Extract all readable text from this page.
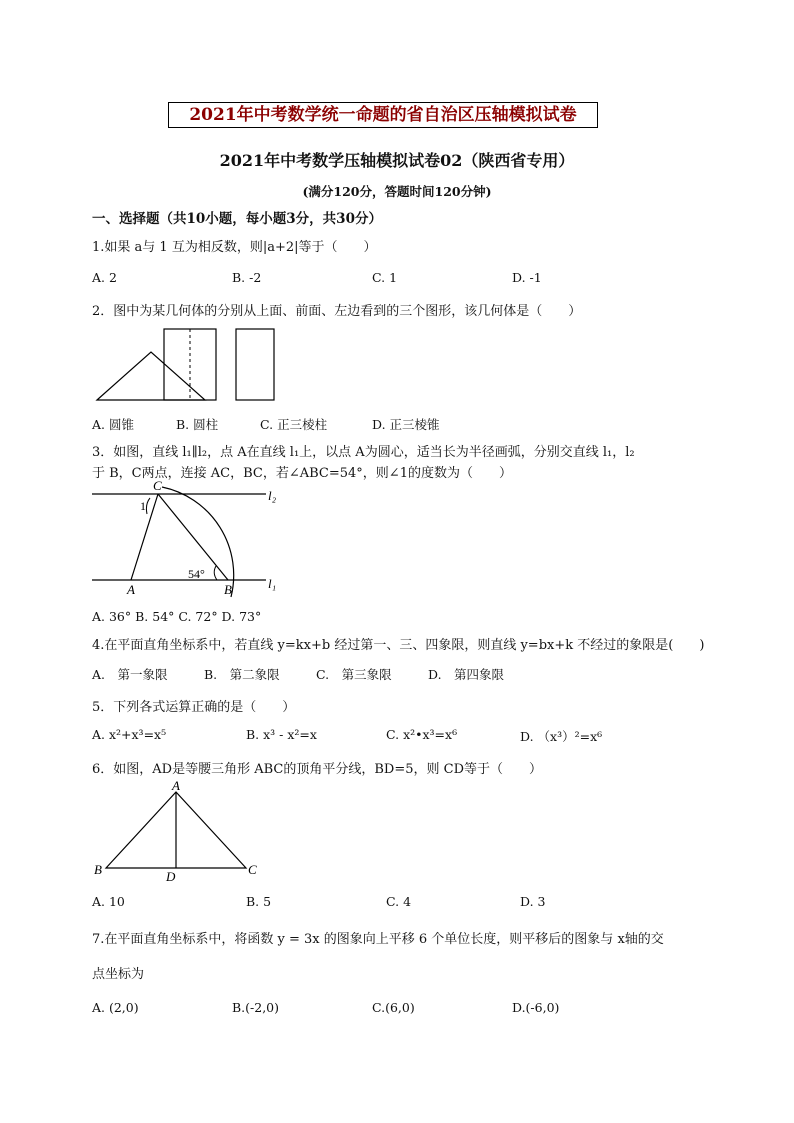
2021年中考数学统一命题的省自治区压轴模拟试卷
2021年中考数学压轴模拟试卷02（陕西省专用）
(满分120分，答题时间120分钟)
一、选择题（共10小题，每小题3分，共30分）
1.如果 a与 1 互为相反数，则|a+2|等于（　　）
A. 2	B. -2	C. 1	D. -1
2．图中为某几何体的分别从上面、前面、左边看到的三个图形，该几何体是（　　）
A. 圆锥	B. 圆柱	C. 正三棱柱	D. 正三棱锥
3．如图，直线 l₁∥l₂，点 A在直线 l₁上，以点 A为圆心，适当长为半径画弧，分别交直线 l₁，l₂
于 B，C两点，连接 AC，BC，若∠ABC=54°，则∠1的度数为（　　）
C
l₂
1
54°
A	B	l₁
A. 36° B. 54° C. 72° D. 73°
4.在平面直角坐标系中，若直线 y=kx+b 经过第一、三、四象限，则直线 y=bx+k 不经过的象限是(　　)
A.　第一象限	B.　第二象限	C.　第三象限	D.　第四象限
5．下列各式运算正确的是（　　）
A. x²+x³=x⁵	B. x³ - x²=x	C. x²•x³=x⁶	D. （x³）²=x⁶
6．如图，AD是等腰三角形 ABC的顶角平分线，BD=5，则 CD等于（　　）
A
B	C
D
A. 10	B. 5	C. 4	D. 3
7.在平面直角坐标系中，将函数 y = 3x 的图象向上平移 6 个单位长度，则平移后的图象与 x轴的交
点坐标为
A. (2,0)	B.(-2,0)	C.(6,0)	D.(-6,0)
